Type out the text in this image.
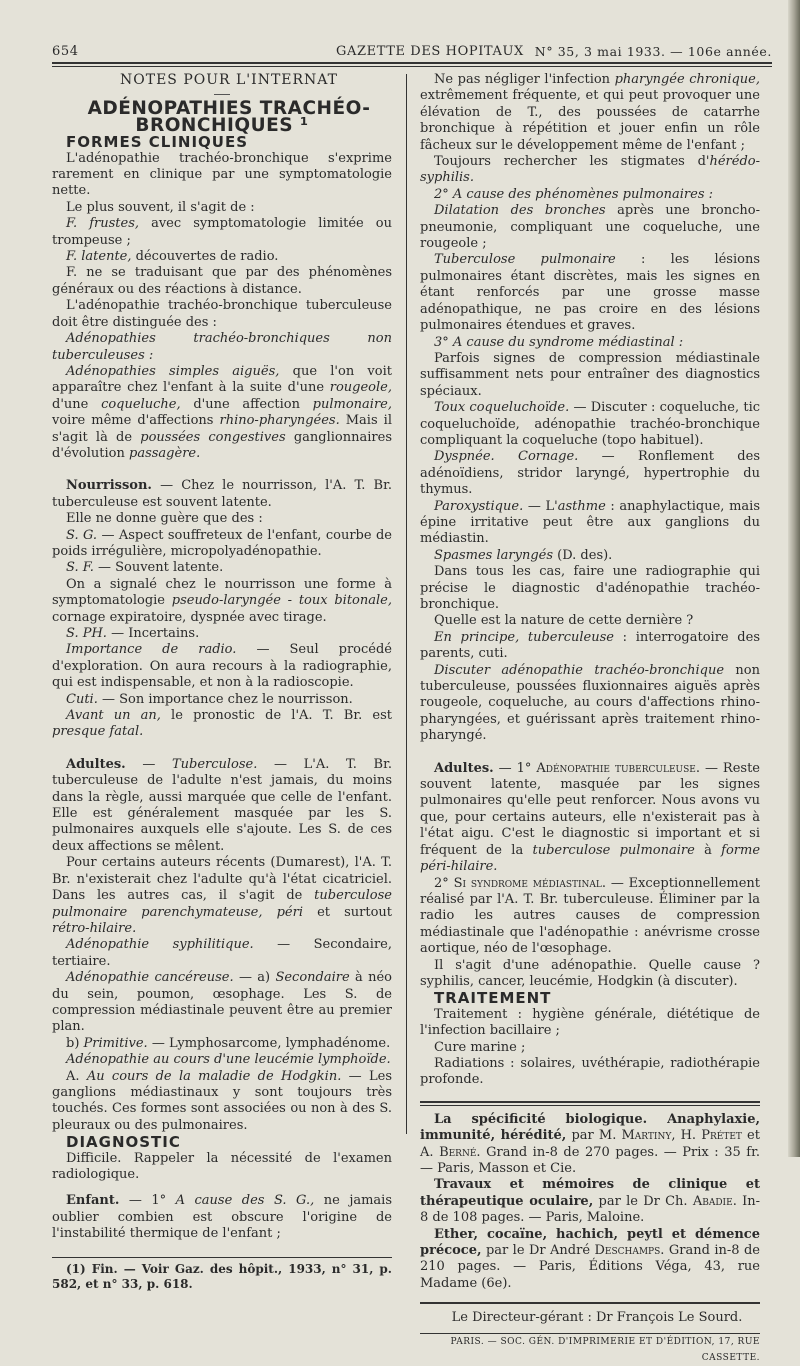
654	GAZETTE DES HOPITAUX N° 35, 3 mai 1933. — 106e année.

NOTES POUR L'INTERNAT

ADÉNOPATHIES TRACHÉO-BRONCHIQUES ¹

FORMES CLINIQUES

L'adénopathie trachéo-bronchique s'exprime rarement en clinique par une symptomatologie nette.

Le plus souvent, il s'agit de :

F. frustes, avec symptomatologie limitée ou trompeuse ;

F. latente, découvertes de radio.

F. ne se traduisant que par des phénomènes généraux ou des réactions à distance.

L'adénopathie trachéo-bronchique tuberculeuse doit être distinguée des :

Adénopathies trachéo-bronchiques non tuberculeuses :

Adénopathies simples aiguës, que l'on voit apparaître chez l'enfant à la suite d'une rougeole, d'une coqueluche, d'une affection pulmonaire, voire même d'affections rhino-pharyngées. Mais il s'agit là de poussées congestives ganglionnaires d'évolution passagère.

Nourrisson. — Chez le nourrisson, l'A. T. Br. tuberculeuse est souvent latente.

Elle ne donne guère que des :

S. G. — Aspect souffreteux de l'enfant, courbe de poids irrégulière, micropolyadénopathie.

S. F. — Souvent latente.

On a signalé chez le nourrisson une forme à symptomatologie pseudo-laryngée - toux bitonale, cornage expiratoire, dyspnée avec tirage.

S. PH. — Incertains.

Importance de radio. — Seul procédé d'exploration. On aura recours à la radiographie, qui est indispensable, et non à la radioscopie.

Cuti. — Son importance chez le nourrisson.

Avant un an, le pronostic de l'A. T. Br. est presque fatal.

Adultes. — Tuberculose. — L'A. T. Br. tuberculeuse de l'adulte n'est jamais, du moins dans la règle, aussi marquée que celle de l'enfant. Elle est généralement masquée par les S. pulmonaires auxquels elle s'ajoute. Les S. de ces deux affections se mêlent.

Pour certains auteurs récents (Dumarest), l'A. T. Br. n'existerait chez l'adulte qu'à l'état cicatriciel. Dans les autres cas, il s'agit de tuberculose pulmonaire parenchymateuse, péri et surtout rétro-hilaire.

Adénopathie syphilitique. — Secondaire, tertiaire.

Adénopathie cancéreuse. — a) Secondaire à néo du sein, poumon, œsophage. Les S. de compression médiastinale peuvent être au premier plan.

b) Primitive. — Lymphosarcome, lymphadénome.

Adénopathie au cours d'une leucémie lymphoïde.

A. Au cours de la maladie de Hodgkin. — Les ganglions médiastinaux y sont toujours très touchés. Ces formes sont associées ou non à des S. pleuraux ou des pulmonaires.

DIAGNOSTIC

Difficile. Rappeler la nécessité de l'examen radiologique.

Enfant. — 1° A cause des S. G., ne jamais oublier combien est obscure l'origine de l'instabilité thermique de l'enfant ;

(1) Fin. — Voir Gaz. des hôpit., 1933, n° 31, p. 582, et n° 33, p. 618.

Ne pas négliger l'infection pharyngée chronique, extrêmement fréquente, et qui peut provoquer une élévation de T., des poussées de catarrhe bronchique à répétition et jouer enfin un rôle fâcheux sur le développement même de l'enfant ;

Toujours rechercher les stigmates d'hérédo-syphilis.

2° A cause des phénomènes pulmonaires :

Dilatation des bronches après une broncho-pneumonie, compliquant une coqueluche, une rougeole ;

Tuberculose pulmonaire : les lésions pulmonaires étant discrètes, mais les signes en étant renforcés par une grosse masse adénopathique, ne pas croire en des lésions pulmonaires étendues et graves.

3° A cause du syndrome médiastinal :

Parfois signes de compression médiastinale suffisamment nets pour entraîner des diagnostics spéciaux.

Toux coqueluchoïde. — Discuter : coqueluche, tic coqueluchoïde, adénopathie trachéo-bronchique compliquant la coqueluche (topo habituel).

Dyspnée. Cornage. — Ronflement des adénoïdiens, stridor laryngé, hypertrophie du thymus.

Paroxystique. — L'asthme : anaphylactique, mais épine irritative peut être aux ganglions du médiastin.

Spasmes laryngés (D. des).

Dans tous les cas, faire une radiographie qui précise le diagnostic d'adénopathie trachéo-bronchique.

Quelle est la nature de cette dernière ?

En principe, tuberculeuse : interrogatoire des parents, cuti.

Discuter adénopathie trachéo-bronchique non tuberculeuse, poussées fluxionnaires aiguës après rougeole, coqueluche, au cours d'affections rhino-pharyngées, et guérissant après traitement rhino-pharyngé.

Adultes. — 1° Adénopathie tuberculeuse. — Reste souvent latente, masquée par les signes pulmonaires qu'elle peut renforcer. Nous avons vu que, pour certains auteurs, elle n'existerait pas à l'état aigu. C'est le diagnostic si important et si fréquent de la tuberculose pulmonaire à forme péri-hilaire.

2° Si syndrome médiastinal. — Exceptionnellement réalisé par l'A. T. Br. tuberculeuse. Éliminer par la radio les autres causes de compression médiastinale que l'adénopathie : anévrisme crosse aortique, néo de l'œsophage.

Il s'agit d'une adénopathie. Quelle cause ? syphilis, cancer, leucémie, Hodgkin (à discuter).

TRAITEMENT

Traitement : hygiène générale, diététique de l'infection bacillaire ;

Cure marine ;

Radiations : solaires, uvéthérapie, radiothérapie profonde.

La spécificité biologique. Anaphylaxie, immunité, hérédité, par M. Martiny, H. Prétet et A. Berné. Grand in-8 de 270 pages. — Prix : 35 fr. — Paris, Masson et Cie.

Travaux et mémoires de clinique et thérapeutique oculaire, par le Dr Ch. Abadie. In-8 de 108 pages. — Paris, Maloine.

Ether, cocaïne, hachich, peytl et démence précoce, par le Dr André Deschamps. Grand in-8 de 210 pages. — Paris, Éditions Véga, 43, rue Madame (6e).

Le Directeur-gérant : Dr François Le Sourd.

PARIS. — SOC. GÉN. D'IMPRIMERIE ET D'ÉDITION, 17, RUE CASSETTE.
